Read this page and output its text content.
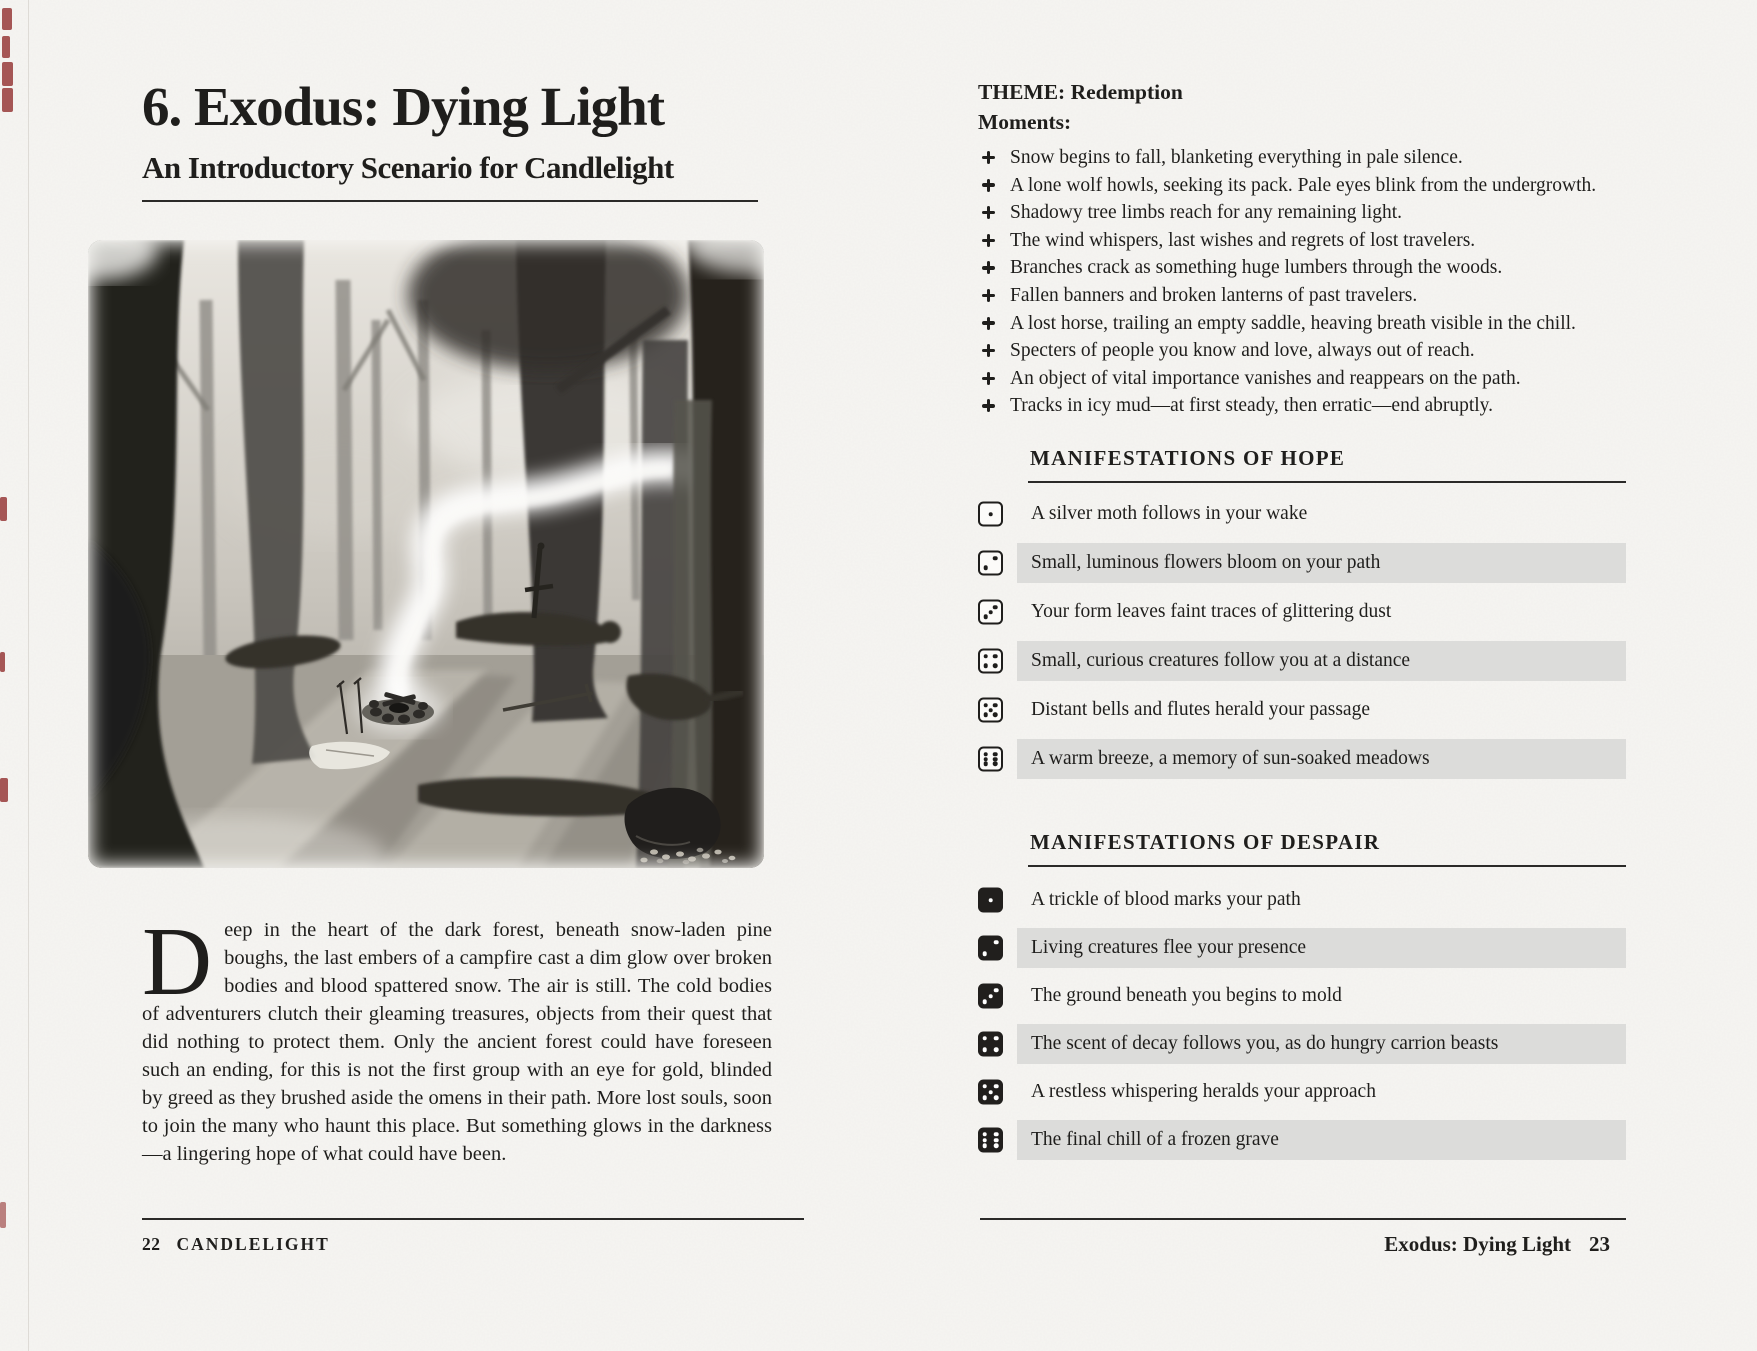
6. Exodus: Dying Light
An Introductory Scenario for Candlelight

Deep in the heart of the dark forest, beneath snow-laden pine boughs, the last embers of a campfire cast a dim glow over broken bodies and blood spattered snow. The air is still. The cold bodies of adventurers clutch their gleaming treasures, objects from their quest that did nothing to protect them. Only the ancient forest could have foreseen such an ending, for this is not the first group with an eye for gold, blinded by greed as they brushed aside the omens in their path. More lost souls, soon to join the many who haunt this place. But something glows in the darkness—a lingering hope of what could have been.

22 CANDLELIGHT
THEME: Redemption
Moments:
Snow begins to fall, blanketing everything in pale silence.
A lone wolf howls, seeking its pack. Pale eyes blink from the undergrowth.
Shadowy tree limbs reach for any remaining light.
The wind whispers, last wishes and regrets of lost travelers.
Branches crack as something huge lumbers through the woods.
Fallen banners and broken lanterns of past travelers.
A lost horse, trailing an empty saddle, heaving breath visible in the chill.
Specters of people you know and love, always out of reach.
An object of vital importance vanishes and reappears on the path.
Tracks in icy mud—at first steady, then erratic—end abruptly.
MANIFESTATIONS OF HOPE
A silver moth follows in your wake
Small, luminous flowers bloom on your path
Your form leaves faint traces of glittering dust
Small, curious creatures follow you at a distance
Distant bells and flutes herald your passage
A warm breeze, a memory of sun-soaked meadows
MANIFESTATIONS OF DESPAIR
A trickle of blood marks your path
Living creatures flee your presence
The ground beneath you begins to mold
The scent of decay follows you, as do hungry carrion beasts
A restless whispering heralds your approach
The final chill of a frozen grave
Exodus: Dying Light 23
